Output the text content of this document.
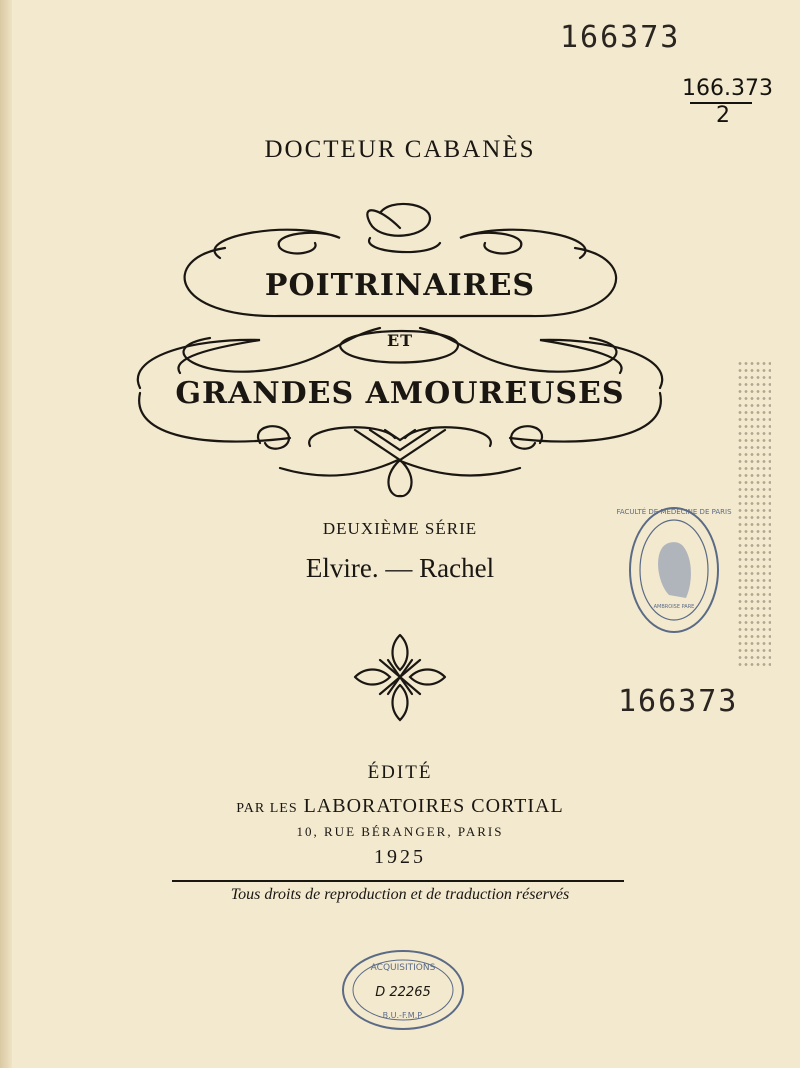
166373
166.373
2
DOCTEUR CABANÈS
POITRINAIRES
ET
GRANDES AMOUREUSES
DEUXIÈME SÉRIE
Elvire. — Rachel
FACULTÉ DE MÉDECINE DE PARIS
AMBROISE PARE
166373
ÉDITÉ
PAR LES LABORATOIRES CORTIAL
10, RUE BÉRANGER, PARIS
1925
Tous droits de reproduction et de traduction réservés
ACQUISITIONS
D 22265
B.U.-F.M.P.
